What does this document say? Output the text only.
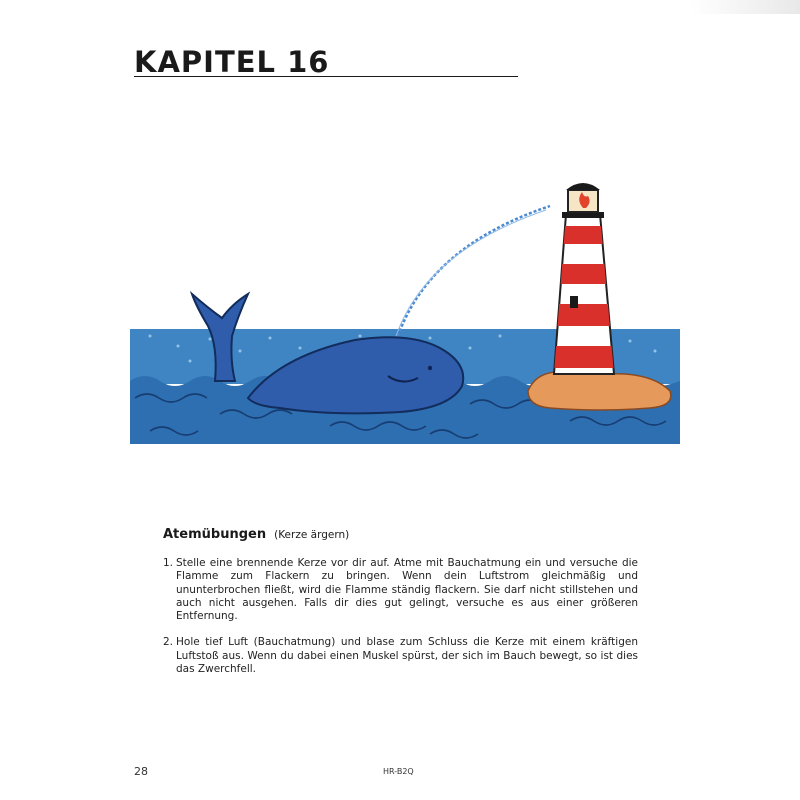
KAPITEL 16
Atemübungen (Kerze ärgern)
1. Stelle eine brennende Kerze vor dir auf. Atme mit Bauchatmung ein und versuche die Flamme zum Flackern zu bringen. Wenn dein Luftstrom gleichmäßig und ununterbrochen fließt, wird die Flamme ständig flackern. Sie darf nicht stillstehen und auch nicht ausgehen. Falls dir dies gut gelingt, versuche es aus einer größeren Entfernung.
2. Hole tief Luft (Bauchatmung) und blase zum Schluss die Kerze mit einem kräftigen Luftstoß aus. Wenn du dabei einen Muskel spürst, der sich im Bauch bewegt, so ist dies das Zwerchfell.
28	HR-B2Q
